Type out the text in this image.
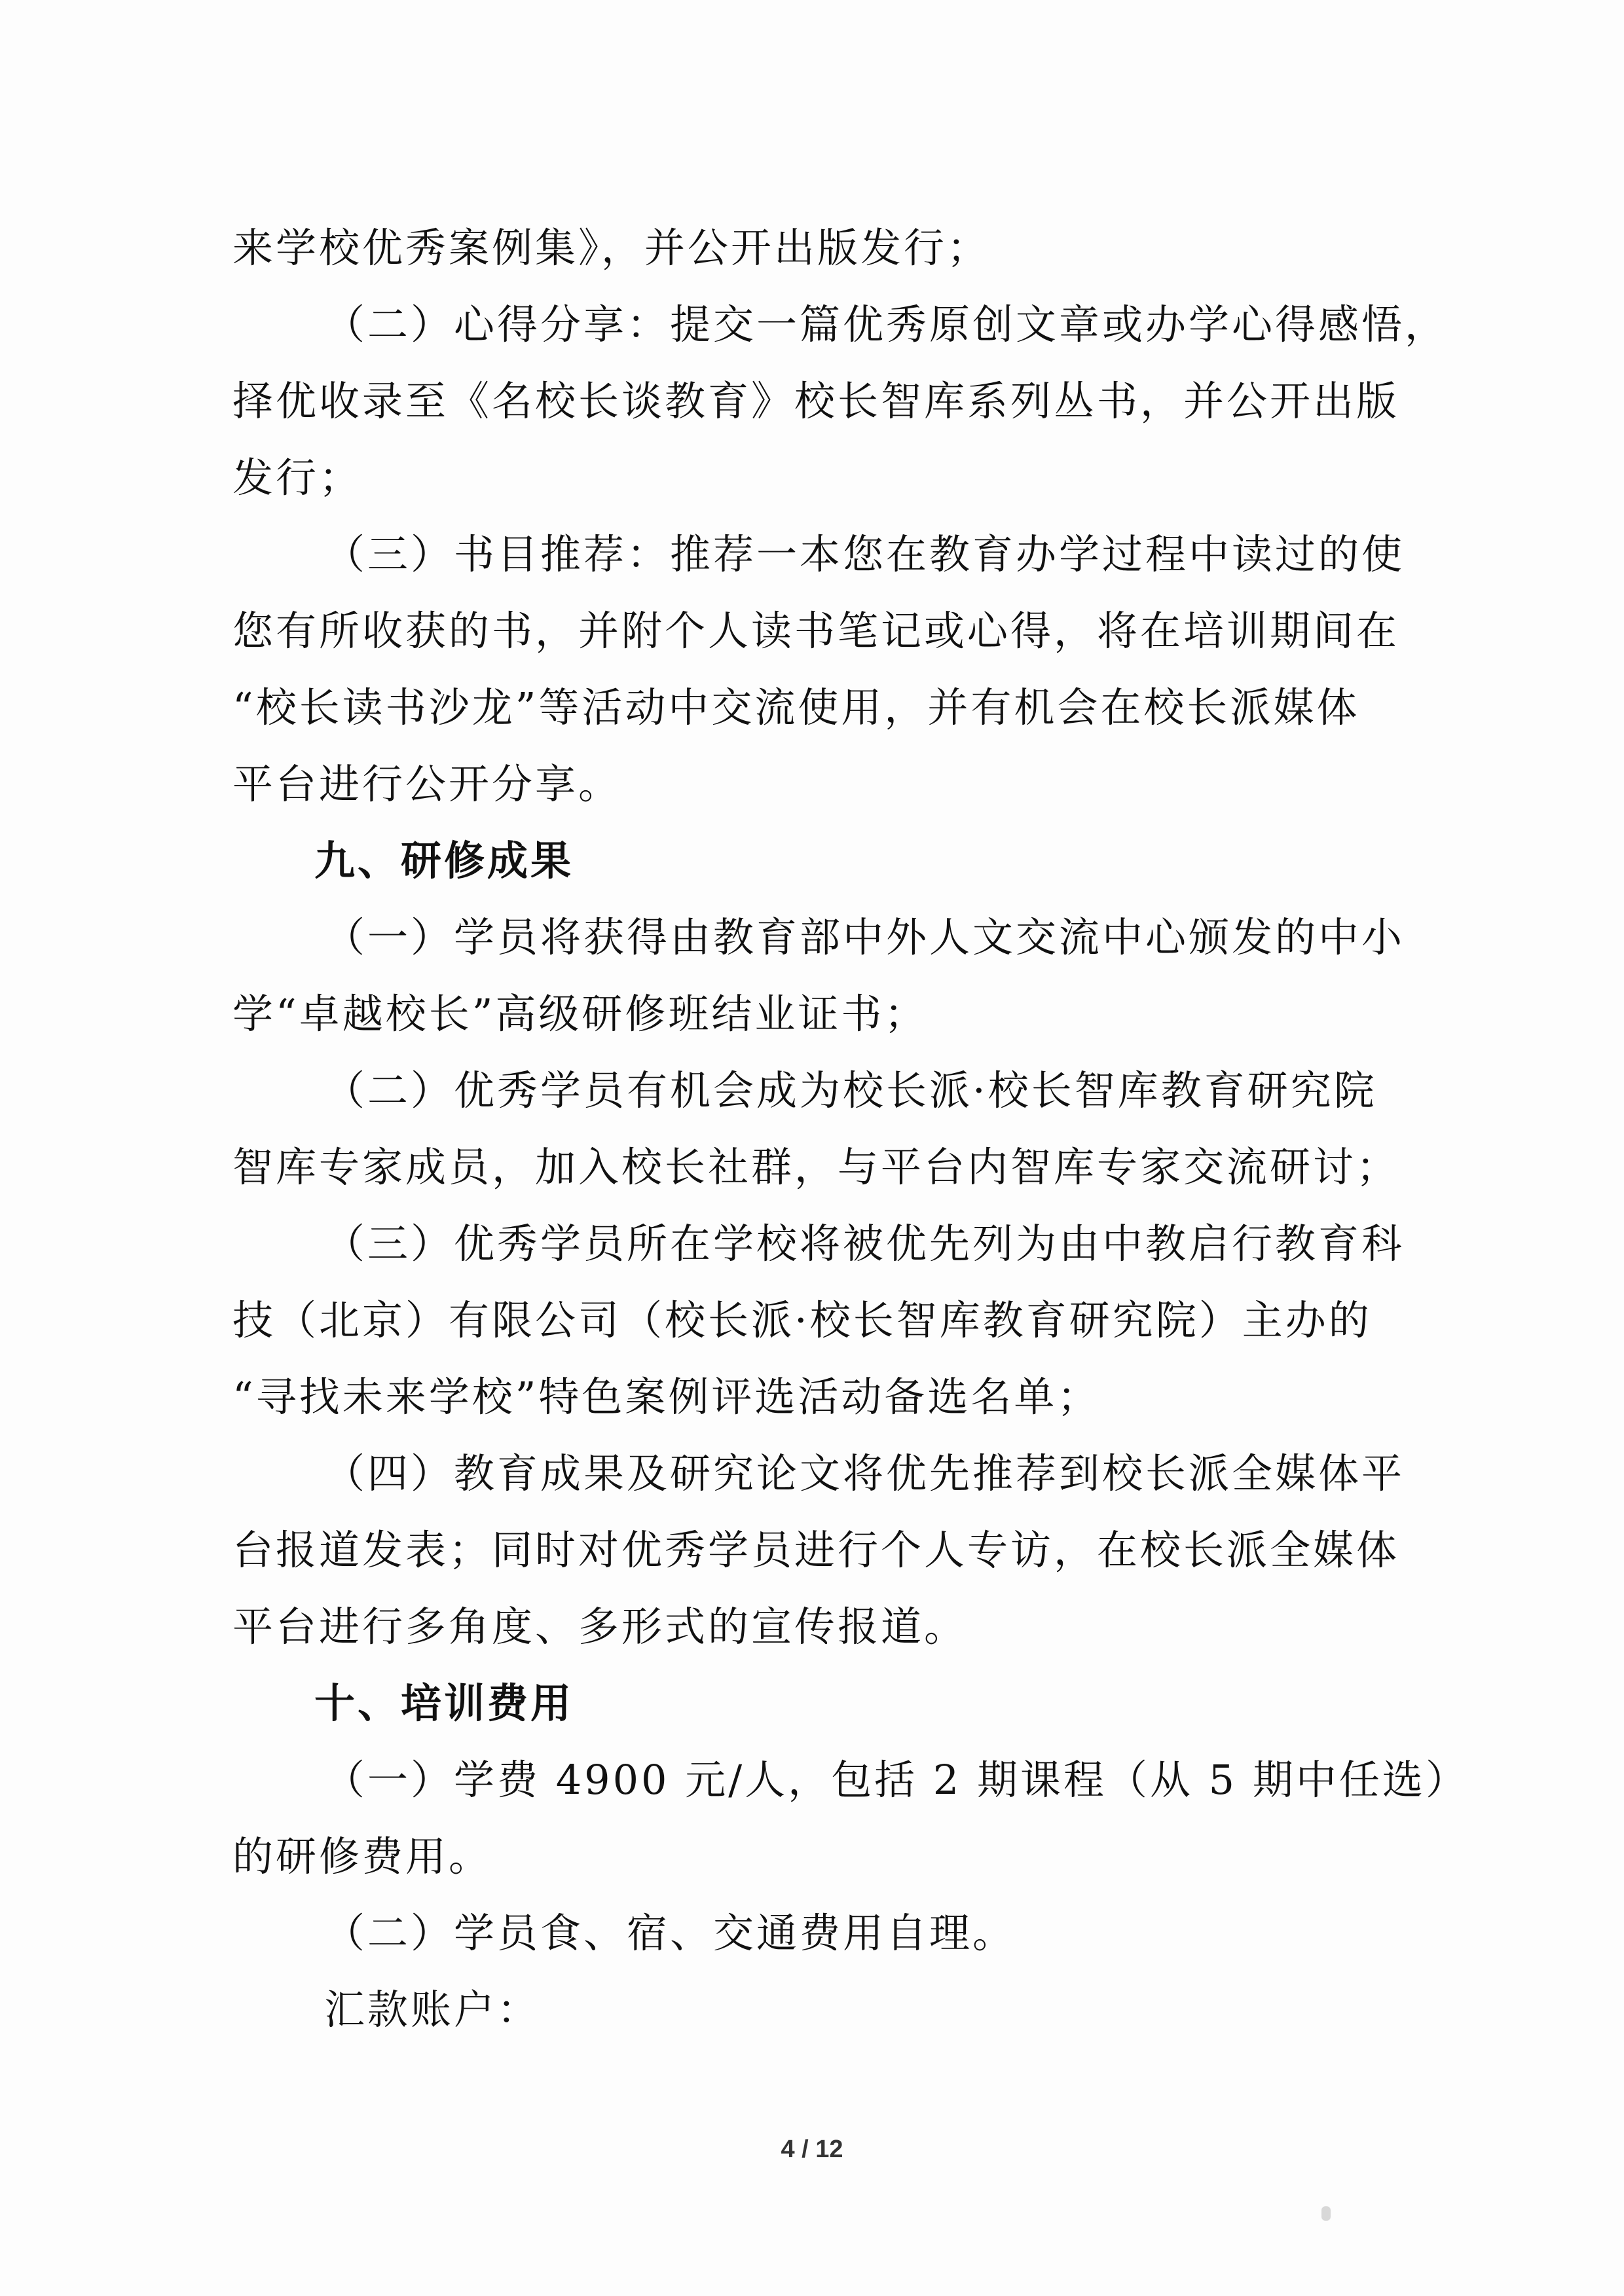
来学校优秀案例集》，并公开出版发行；
（二）心得分享：提交一篇优秀原创文章或办学心得感悟，
择优收录至《名校长谈教育》校长智库系列丛书，并公开出版
发行；
（三）书目推荐：推荐一本您在教育办学过程中读过的使
您有所收获的书，并附个人读书笔记或心得，将在培训期间在
“校长读书沙龙”等活动中交流使用，并有机会在校长派媒体
平台进行公开分享。
九、研修成果
（一）学员将获得由教育部中外人文交流中心颁发的中小
学“卓越校长”高级研修班结业证书；
（二）优秀学员有机会成为校长派·校长智库教育研究院
智库专家成员，加入校长社群，与平台内智库专家交流研讨；
（三）优秀学员所在学校将被优先列为由中教启行教育科
技（北京）有限公司（校长派·校长智库教育研究院）主办的
“寻找未来学校”特色案例评选活动备选名单；
（四）教育成果及研究论文将优先推荐到校长派全媒体平
台报道发表；同时对优秀学员进行个人专访，在校长派全媒体
平台进行多角度、多形式的宣传报道。
十、培训费用
（一）学费 4900 元/人，包括 2 期课程（从 5 期中任选）
的研修费用。
（二）学员食、宿、交通费用自理。
汇款账户：
4 / 12
